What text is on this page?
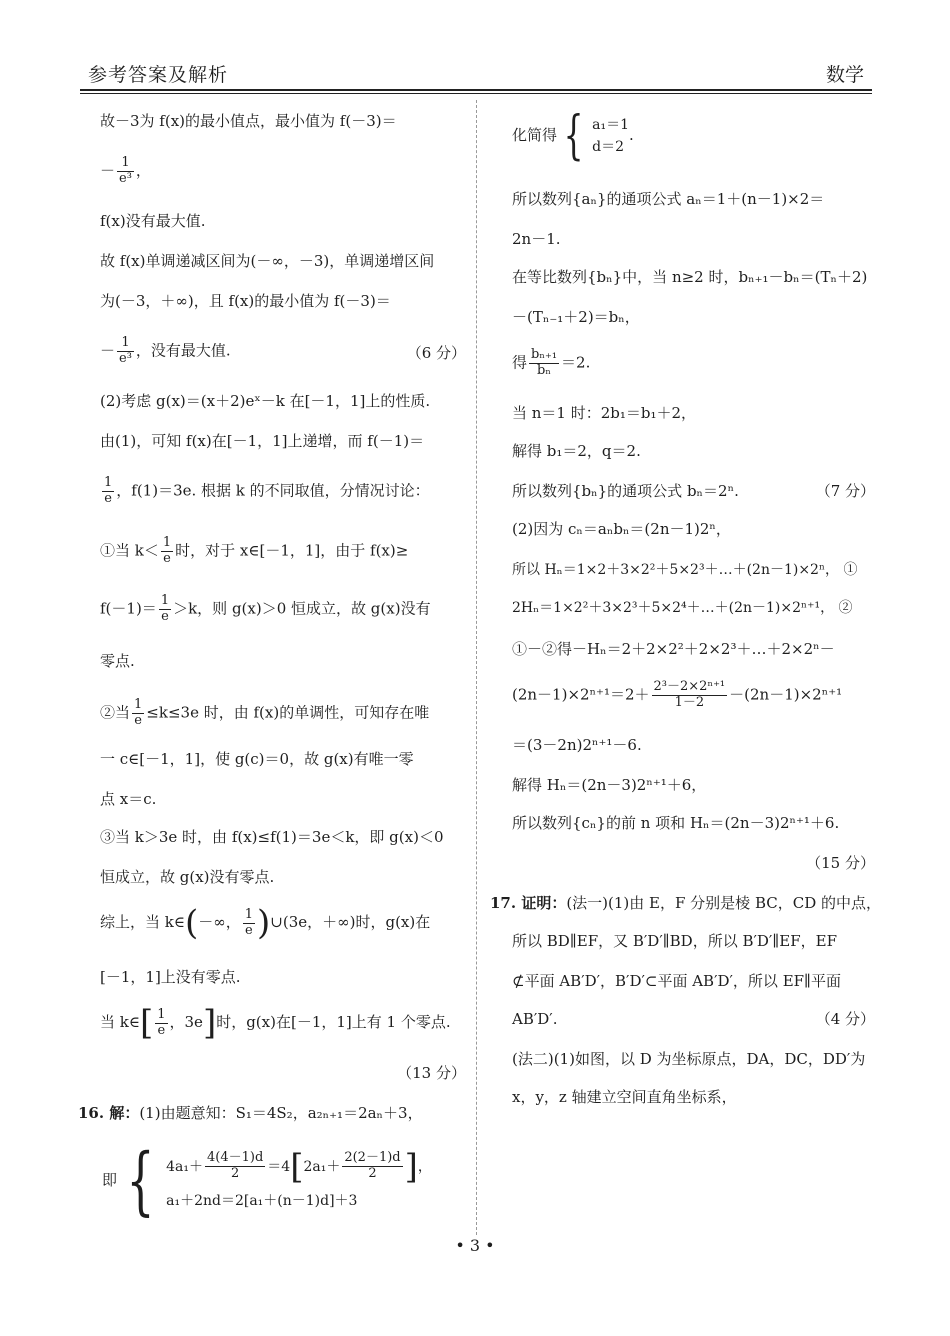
参考答案及解析	数学
故－3为 f(x)的最小值点，最小值为 f(－3)＝
－ $\frac{1}{\text{e³}}$ ，
f(x)没有最大值.
故 f(x)单调递减区间为(－∞，－3)，单调递增区间
为(－3，＋∞)，且 f(x)的最小值为 f(－3)＝
－ $\frac{1}{\text{e³}}$ ，没有最大值.	（6 分）
(2)考虑 g(x)＝(x＋2)eˣ－k 在[－1，1]上的性质.
由(1)，可知 f(x)在[－1，1]上递增，而 f(－1)＝
$\frac{1}{e}$ ，f(1)＝3e. 根据 k 的不同取值，分情况讨论：
①当 $k< \frac{1}{e}$ 时，对于 x∈[－1，1]，由于 f(x)≥
$f(-1)= \frac{1}{e} >k$，则 g(x)＞0 恒成立，故 g(x)没有
零点.
②当 $\frac{1}{e} \le k\le 3e$ 时，由 f(x)的单调性，可知存在唯
一 c∈[－1，1]，使 g(c)＝0，故 g(x)有唯一零
点 x＝c.
③当 k＞3e 时，由 f(x)≤f(1)＝3e＜k，即 g(x)＜0
恒成立，故 g(x)没有零点.
综上，当 k∈(－∞， $\frac{1}{e}$ )∪(3e，＋∞)时，g(x)在
[－1，1]上没有零点.
当 k∈[ $\frac{1}{e}$ ，3e]时，g(x)在[－1，1]上有 1 个零点.
（13 分）
16. 解：(1)由题意知：S₁＝4S₂，a₂ₙ₊₁＝2aₙ＋3，
即 { $4a_1+ \frac{4(4-1)d}{2} =4[2a_1+ \frac{2(2-1)d}{2}$ ]，
a₁＋2nd＝2[a₁＋(n－1)d]＋3
化简得 { a₁＝1
d＝2
.
所以数列{aₙ}的通项公式 aₙ＝1＋(n－1)×2＝
2n－1.
在等比数列{bₙ}中，当 n≥2 时，bₙ₊₁－bₙ＝(Tₙ＋2)
－(Tₙ₋₁＋2)＝bₙ，
得 $\frac{\text{bₙ₊₁}}{\text{bₙ}} =2$.
当 n＝1 时：2b₁＝b₁＋2，
解得 b₁＝2，q＝2.
所以数列{bₙ}的通项公式 bₙ＝2ⁿ.	（7 分）
(2)因为 cₙ＝aₙbₙ＝(2n－1)2ⁿ，
所以 Hₙ＝1×2＋3×2²＋5×2³＋…＋(2n－1)×2ⁿ， ①
2Hₙ＝1×2²＋3×2³＋5×2⁴＋…＋(2n－1)×2ⁿ⁺¹， ②
①－②得－Hₙ＝2＋2×2²＋2×2³＋…＋2×2ⁿ－
$(2n-1)\times 2^{n+1}=2+ \frac{\text{2³－2×2ⁿ⁺¹}}{1-2} -(2n-1)\times 2^{n+1}$
＝(3－2n)2ⁿ⁺¹－6.
解得 Hₙ＝(2n－3)2ⁿ⁺¹＋6，
所以数列{cₙ}的前 n 项和 Hₙ＝(2n－3)2ⁿ⁺¹＋6.
（15 分）
17. 证明：(法一)(1)由 E，F 分别是棱 BC，CD 的中点，
所以 BD∥EF，又 B′D′∥BD，所以 B′D′∥EF，EF
⊄平面 AB′D′，B′D′⊂平面 AB′D′，所以 EF∥平面
AB′D′.	（4 分）
(法二)(1)如图，以 D 为坐标原点，DA，DC，DD′为
x，y，z 轴建立空间直角坐标系，
• 3 •
